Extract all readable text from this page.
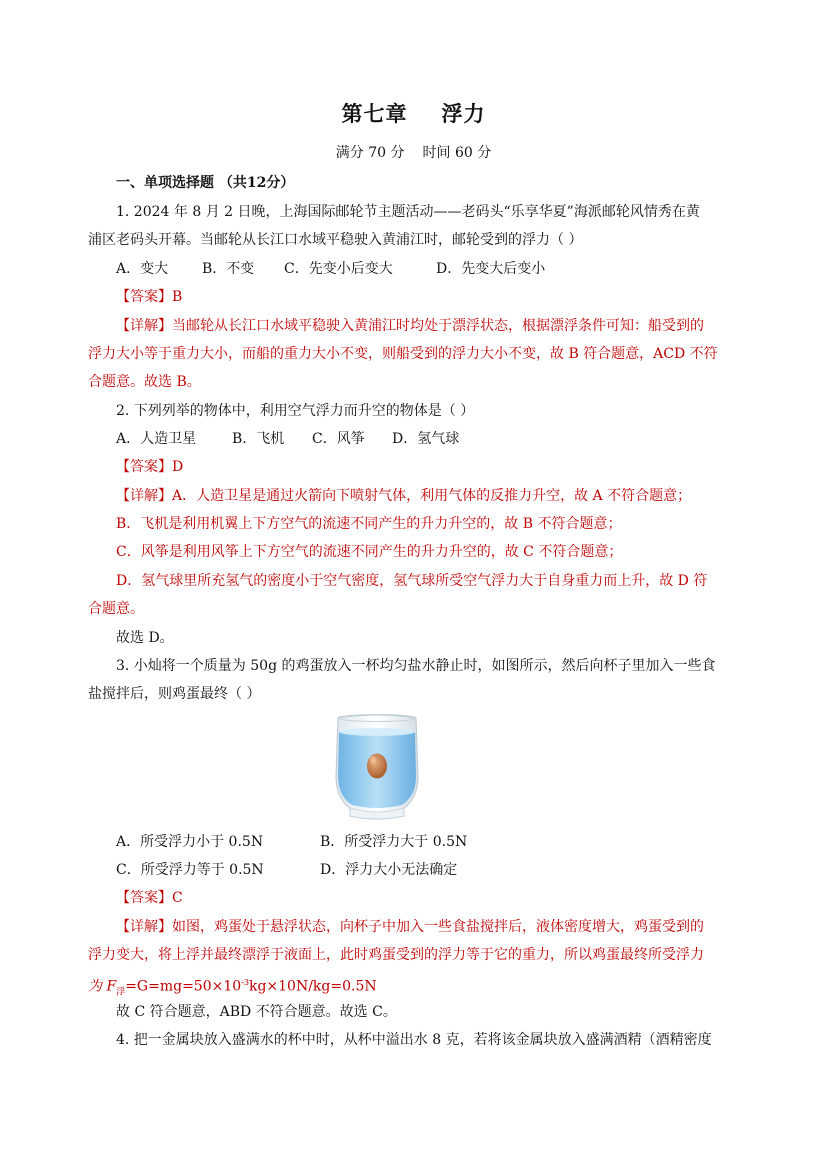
第七章 浮力
满分 70 分 时间 60 分
一、单项选择题 （共12分）
1. 2024 年 8 月 2 日晚，上海国际邮轮节主题活动——老码头“乐享华夏”海派邮轮风情秀在黄
浦区老码头开幕。当邮轮从长江口水域平稳驶入黄浦江时，邮轮受到的浮力（ ）
A．变大 B．不变 C．先变小后变大	D．先变大后变小
【答案】B
【详解】当邮轮从长江口水域平稳驶入黄浦江时均处于漂浮状态，根据漂浮条件可知：船受到的
浮力大小等于重力大小，而船的重力大小不变，则船受到的浮力大小不变，故 B 符合题意，ACD 不符
合题意。故选 B。
2. 下列列举的物体中，利用空气浮力而升空的物体是（ ）
A．人造卫星	B．飞机 C．风筝 D．氢气球
【答案】D
【详解】A．人造卫星是通过火箭向下喷射气体，利用气体的反推力升空，故 A 不符合题意；
B．飞机是利用机翼上下方空气的流速不同产生的升力升空的，故 B 不符合题意；
C．风筝是利用风筝上下方空气的流速不同产生的升力升空的，故 C 不符合题意；
D．氢气球里所充氢气的密度小于空气密度，氢气球所受空气浮力大于自身重力而上升，故 D 符
合题意。
故选 D。
3. 小灿将一个质量为 50g 的鸡蛋放入一杯均匀盐水静止时，如图所示，然后向杯子里加入一些食
盐搅拌后，则鸡蛋最终（ ）
A．所受浮力小于 0.5N	B．所受浮力大于 0.5N
C．所受浮力等于 0.5N	D．浮力大小无法确定
【答案】C
【详解】如图，鸡蛋处于悬浮状态，向杯子中加入一些食盐搅拌后，液体密度增大，鸡蛋受到的
浮力变大，将上浮并最终漂浮于液面上，此时鸡蛋受到的浮力等于它的重力，所以鸡蛋最终所受浮力
为 $F_浮=G=mg=50\times 10^{-3}kg\times 10N/kg=0.5N$
故 C 符合题意，ABD 不符合题意。故选 C。
4. 把一金属块放入盛满水的杯中时，从杯中溢出水 8 克，若将该金属块放入盛满酒精（酒精密度
